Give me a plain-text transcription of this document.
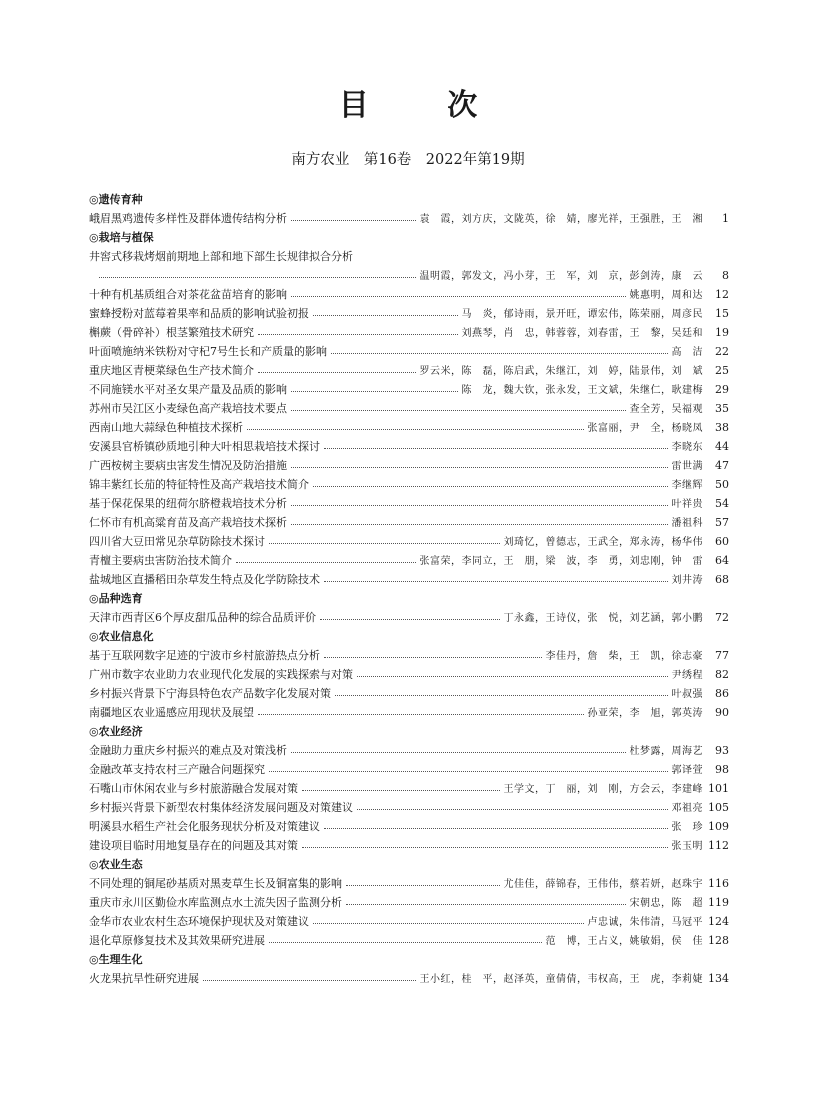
目 次
南方农业　第16卷　2022年第19期
◎遗传育种
峨眉黑鸡遗传多样性及群体遗传结构分析	袁　霞，刘方庆，文陇英，徐　婧，廖光祥，王强胜，王　湘	1
◎栽培与植保
井窖式移栽烤烟前期地上部和地下部生长规律拟合分析
温明霞，郭发文，冯小芽，王　军，刘　京，彭剑涛，康　云	8
十种有机基质组合对茶花盆苗培育的影响	姚惠明，周和达	12
蜜蜂授粉对蓝莓着果率和品质的影响试验初报	马　炎，郁诗雨，景开旺，谭宏伟，陈荣丽，周彦民	15
槲蕨（骨碎补）根茎繁殖技术研究	刘燕琴，肖　忠，韩蓉蓉，刘春雷，王　黎，吴廷和	19
叶面喷施纳米铁粉对守杞7号生长和产质量的影响	高　洁	22
重庆地区青梗菜绿色生产技术简介	罗云米，陈　磊，陈启武，朱继江，刘　婷，陆景伟，刘　斌	25
不同施镁水平对圣女果产量及品质的影响	陈　龙，魏大钦，张永发，王文斌，朱继仁，耿建梅	29
苏州市吴江区小麦绿色高产栽培技术要点	查全芳，吴福观	35
西南山地大蒜绿色种植技术探析	张富丽，尹　全，杨晓凤	38
安溪县官桥镇砂质地引种大叶相思栽培技术探讨	李晓东	44
广西桉树主要病虫害发生情况及防治措施	雷世满	47
锦丰紫红长茄的特征特性及高产栽培技术简介	李继辉	50
基于保花保果的纽荷尔脐橙栽培技术分析	叶祥贵	54
仁怀市有机高粱育苗及高产栽培技术探析	潘祖科	57
四川省大豆田常见杂草防除技术探讨	刘琦忆，曾德志，王武全，郑永涛，杨华伟	60
青檀主要病虫害防治技术简介	张富荣，李同立，王　朋，梁　波，李　勇，刘忠刚，钟　雷	64
盐城地区直播稻田杂草发生特点及化学防除技术	刘井涛	68
◎品种选育
天津市西青区6个厚皮甜瓜品种的综合品质评价	丁永鑫，王诗仪，张　悦，刘艺涵，郭小鹏	72
◎农业信息化
基于互联网数字足迹的宁波市乡村旅游热点分析	李佳丹，詹　柴，王　凯，徐志豪	77
广州市数字农业助力农业现代化发展的实践探索与对策	尹绣程	82
乡村振兴背景下宁海县特色农产品数字化发展对策	叶叔强	86
南疆地区农业遥感应用现状及展望	孙亚荣，李　旭，郭英涛	90
◎农业经济
金融助力重庆乡村振兴的难点及对策浅析	杜梦露，周海艺	93
金融改革支持农村三产融合问题探究	郭译萱	98
石嘴山市休闲农业与乡村旅游融合发展对策	王学文，丁　丽，刘　刚，方会云，李建峰 101
乡村振兴背景下新型农村集体经济发展问题及对策建议	邓祖亮 105
明溪县水稻生产社会化服务现状分析及对策建议	张　珍 109
建设项目临时用地复垦存在的问题及其对策	张玉明 112
◎农业生态
不同处理的铜尾砂基质对黑麦草生长及铜富集的影响	尤佳佳，薛锦春，王伟伟，蔡若妍，赵珠宇 116
重庆市永川区勤俭水库监测点水土流失因子监测分析	宋朝忠，陈　超 119
金华市农业农村生态环境保护现状及对策建议	卢忠诚，朱伟清，马冠平 124
退化草原修复技术及其效果研究进展	范　博，王占义，姚敏娟，侯　佳 128
◎生理生化
火龙果抗旱性研究进展	王小红，桂　平，赵泽英，童倩倩，韦权高，王　虎，李莉婕 134
